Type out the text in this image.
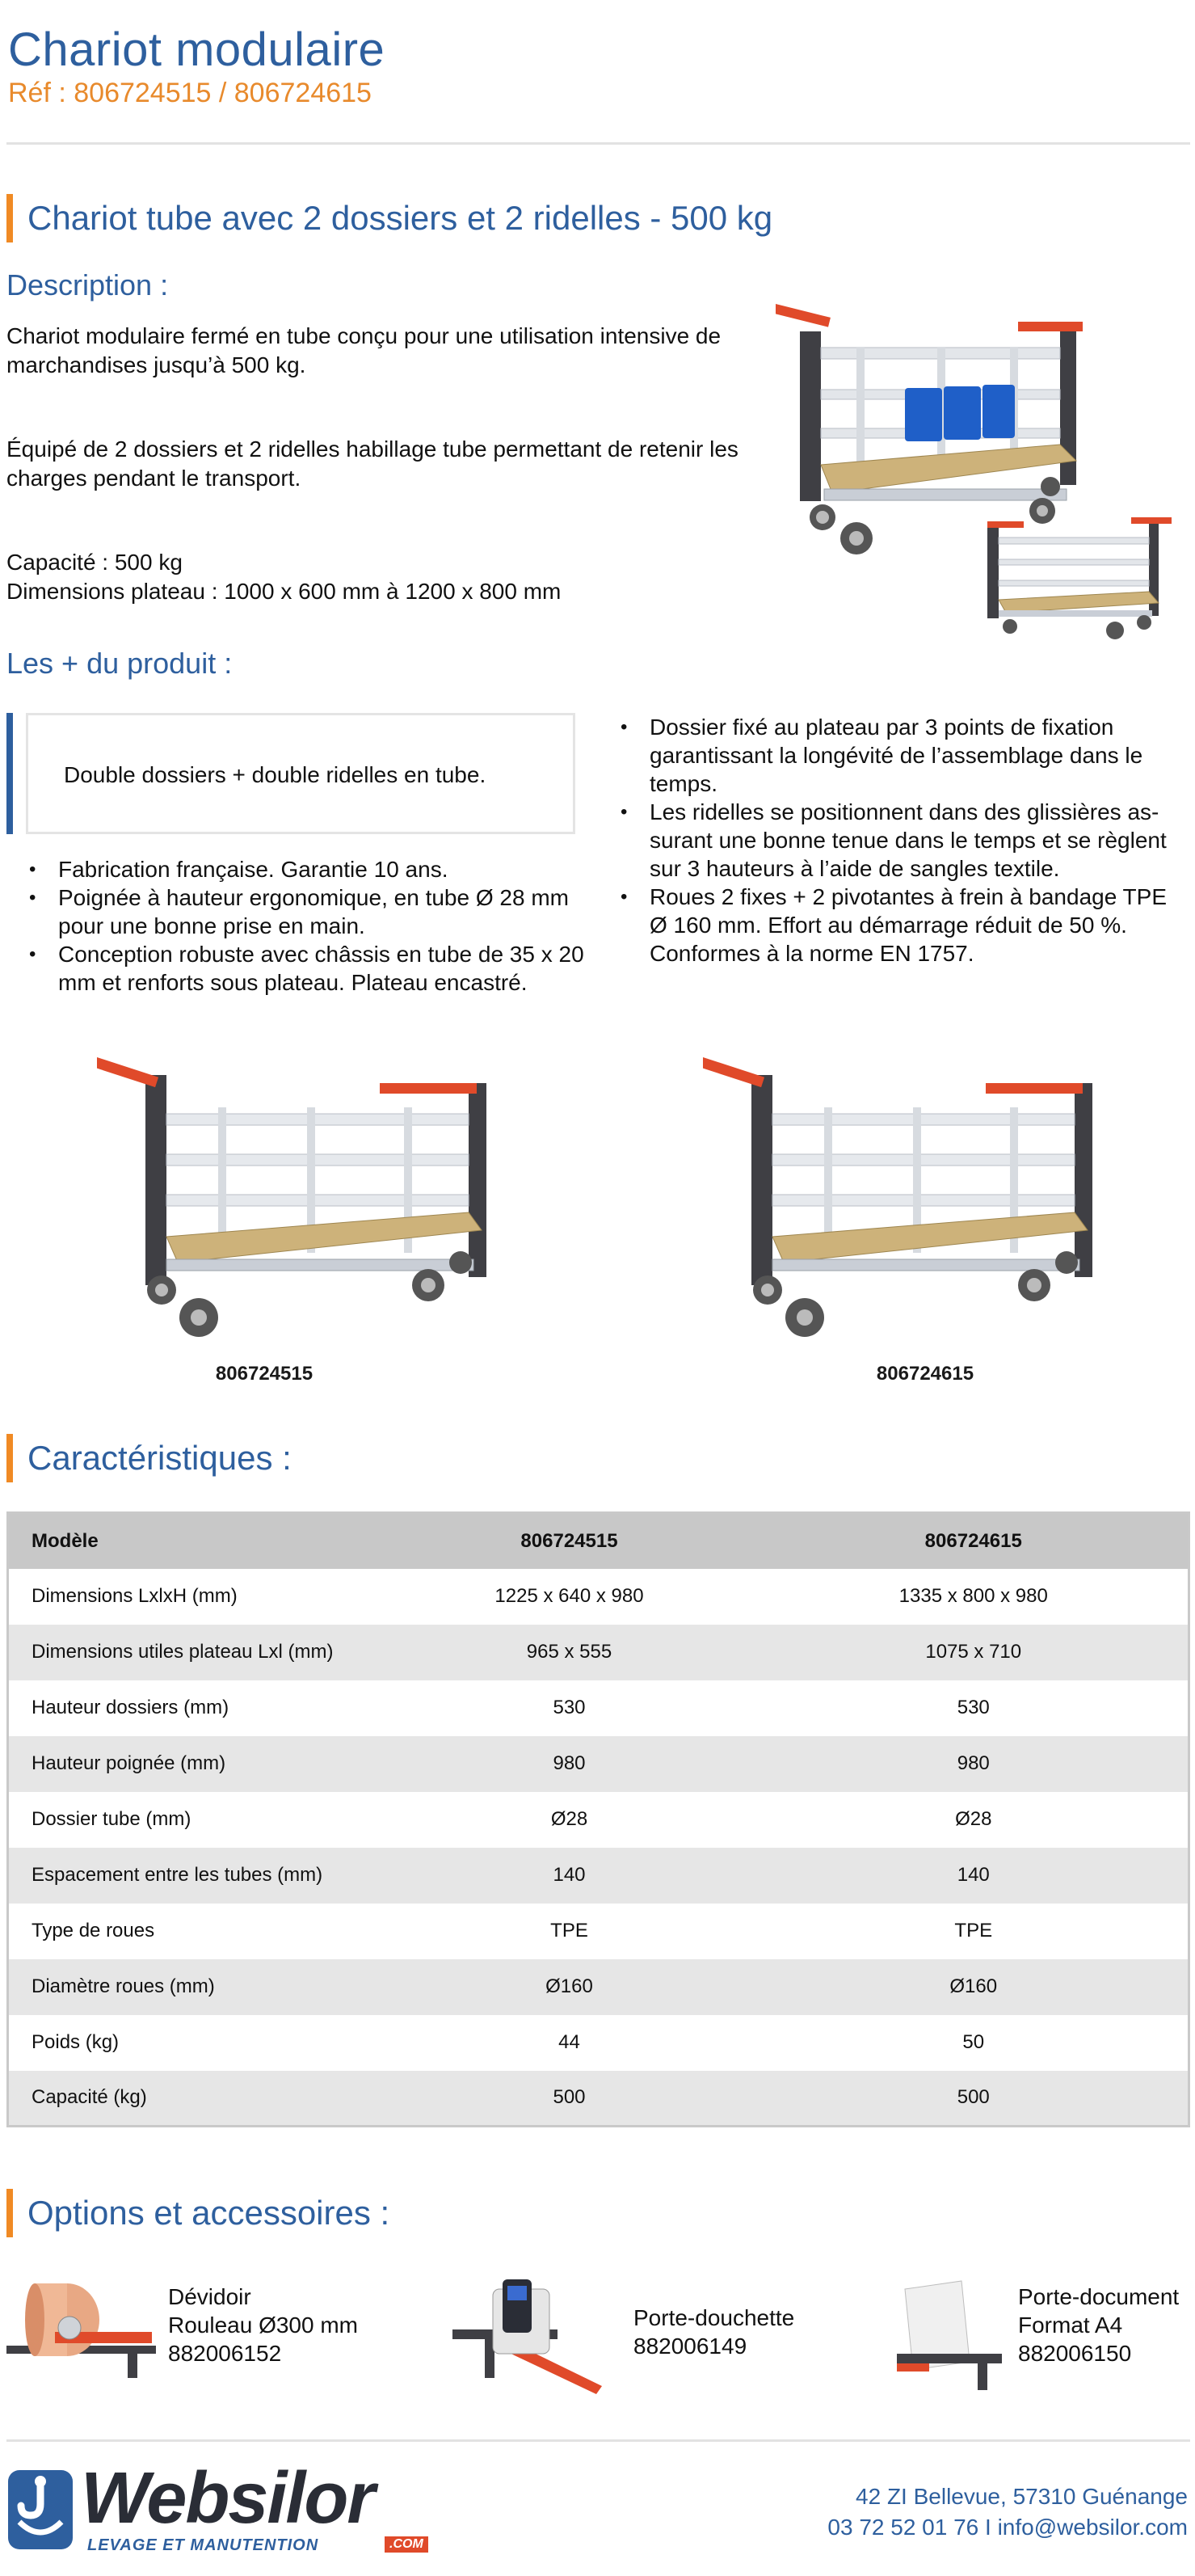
Chariot modulaire
Réf : 806724515 / 806724615
Chariot tube avec 2 dossiers et 2 ridelles - 500 kg
Description :
Chariot modulaire fermé en tube conçu pour une utilisation intensive de marchandises jusqu’à 500 kg.
Équipé de 2 dossiers et 2 ridelles habillage tube permettant de retenir les charges pendant le transport.
Capacité : 500 kg
Dimensions plateau : 1000 x 600 mm à 1200 x 800 mm
Les + du produit :
Double dossiers + double ridelles en tube.
• Fabrication française. Garantie 10 ans.
• Poignée à hauteur ergonomique, en tube Ø 28 mm pour une bonne prise en main.
• Conception robuste avec châssis en tube de 35 x 20 mm et renforts sous plateau. Plateau encastré.
• Dossier fixé au plateau par 3 points de fixation garantissant la longévité de l’assemblage dans le temps.
• Les ridelles se positionnent dans des glissières assurant une bonne tenue dans le temps et se règlent sur 3 hauteurs à l’aide de sangles textile.
• Roues 2 fixes + 2 pivotantes à frein à bandage TPE Ø 160 mm. Effort au démarrage réduit de 50 %. Conformes à la norme EN 1757.
806724515	806724615
Caractéristiques :
Modèle	806724515	806724615
Dimensions LxlxH (mm)	1225 x 640 x 980	1335 x 800 x 980
Dimensions utiles plateau Lxl (mm)	965 x 555	1075 x 710
Hauteur dossiers (mm)	530	530
Hauteur poignée (mm)	980	980
Dossier tube (mm)	Ø28	Ø28
Espacement entre les tubes (mm)	140	140
Type de roues	TPE	TPE
Diamètre roues (mm)	Ø160	Ø160
Poids (kg)	44	50
Capacité (kg)	500	500
Options et accessoires :
Dévidoir
Rouleau Ø300 mm
882006152
Porte-douchette
882006149
Porte-document
Format A4
882006150
Websilor
LEVAGE ET MANUTENTION	.COM
42 ZI Bellevue, 57310 Guénange
03 72 52 01 76 I info@websilor.com
